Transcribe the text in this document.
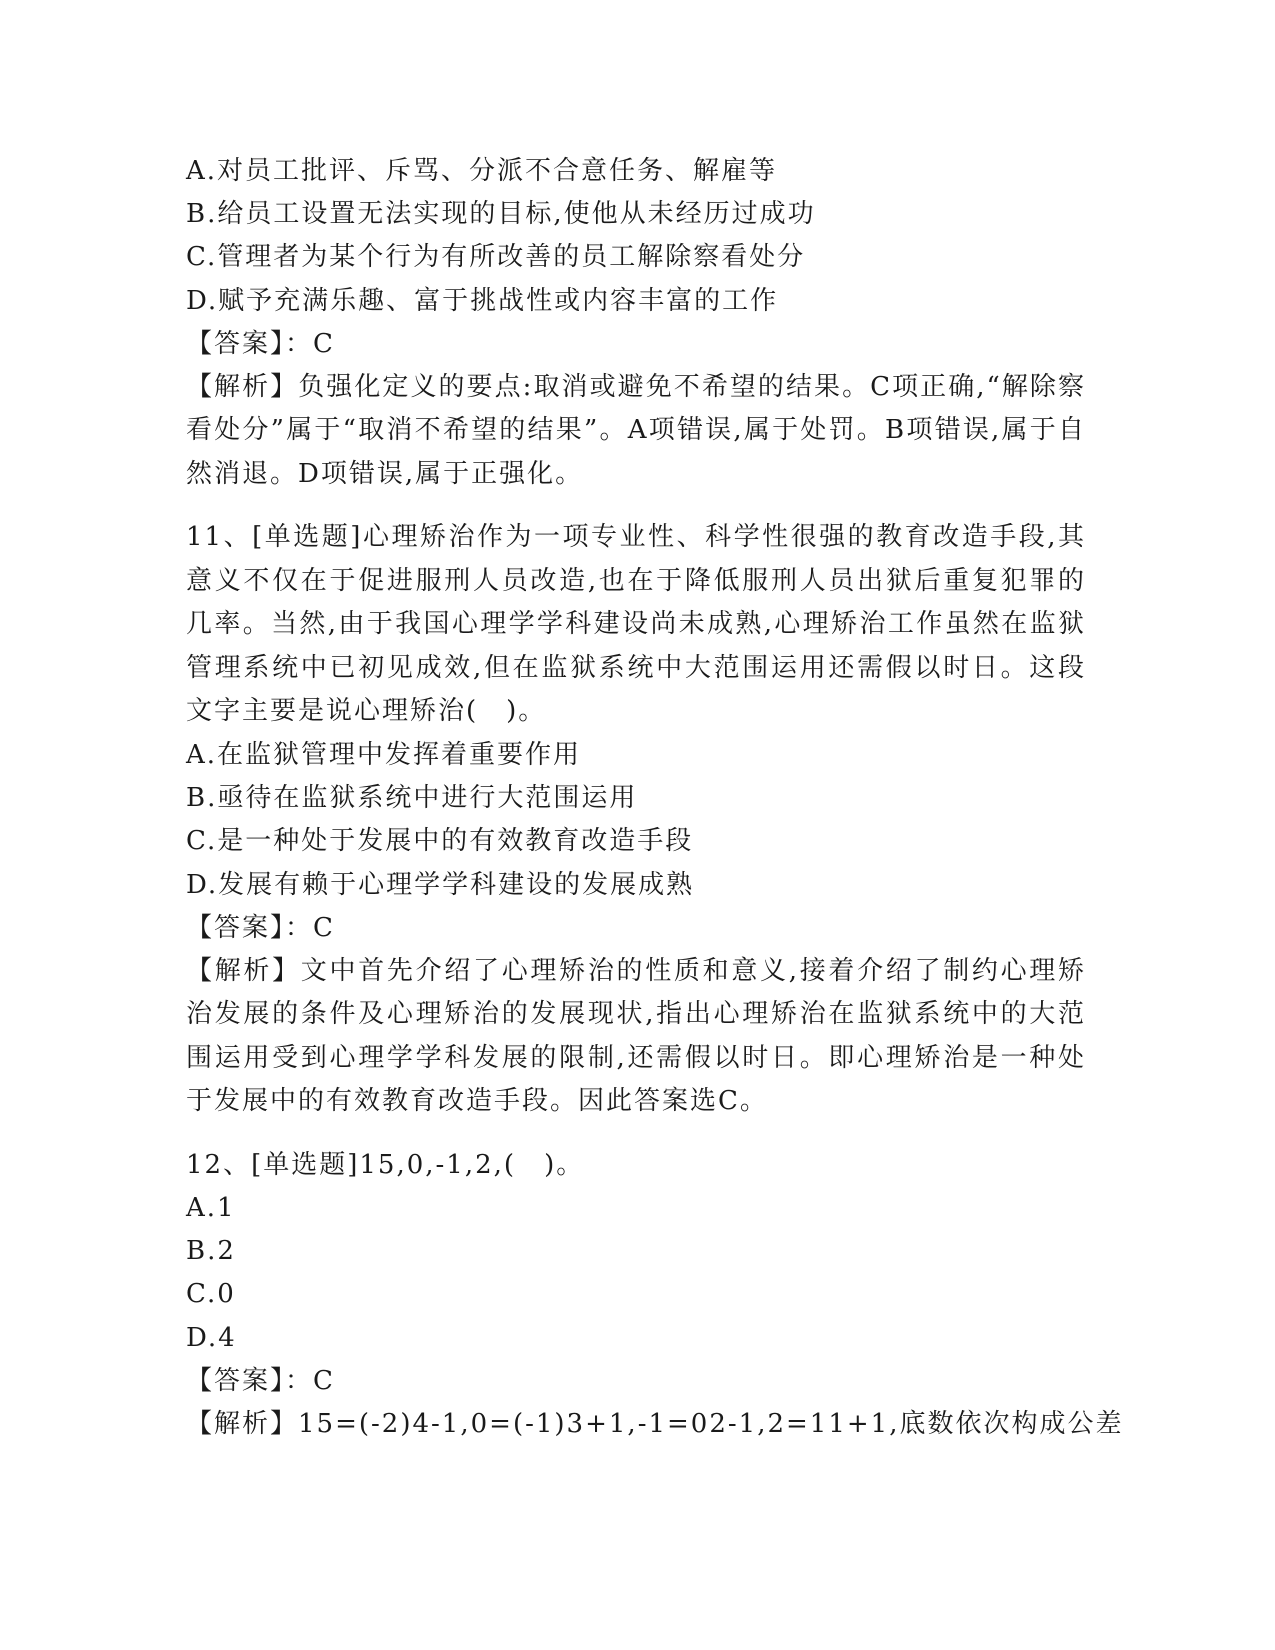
A.对员工批评、斥骂、分派不合意任务、解雇等
B.给员工设置无法实现的目标,使他从未经历过成功
C.管理者为某个行为有所改善的员工解除察看处分
D.赋予充满乐趣、富于挑战性或内容丰富的工作
【答案】：C
【解析】负强化定义的要点:取消或避免不希望的结果。C项正确,“解除察看处分”属于“取消不希望的结果”。A项错误,属于处罚。B项错误,属于自然消退。D项错误,属于正强化。
11、[单选题]心理矫治作为一项专业性、科学性很强的教育改造手段,其意义不仅在于促进服刑人员改造,也在于降低服刑人员出狱后重复犯罪的几率。当然,由于我国心理学学科建设尚未成熟,心理矫治工作虽然在监狱管理系统中已初见成效,但在监狱系统中大范围运用还需假以时日。这段文字主要是说心理矫治(　)。
A.在监狱管理中发挥着重要作用
B.亟待在监狱系统中进行大范围运用
C.是一种处于发展中的有效教育改造手段
D.发展有赖于心理学学科建设的发展成熟
【答案】：C
【解析】文中首先介绍了心理矫治的性质和意义,接着介绍了制约心理矫治发展的条件及心理矫治的发展现状,指出心理矫治在监狱系统中的大范围运用受到心理学学科发展的限制,还需假以时日。即心理矫治是一种处于发展中的有效教育改造手段。因此答案选C。
12、[单选题]15,0,-1,2,(　)。
A.1
B.2
C.0
D.4
【答案】：C
【解析】15=(-2)4-1,0=(-1)3+1,-1=02-1,2=11+1,底数依次构成公差
